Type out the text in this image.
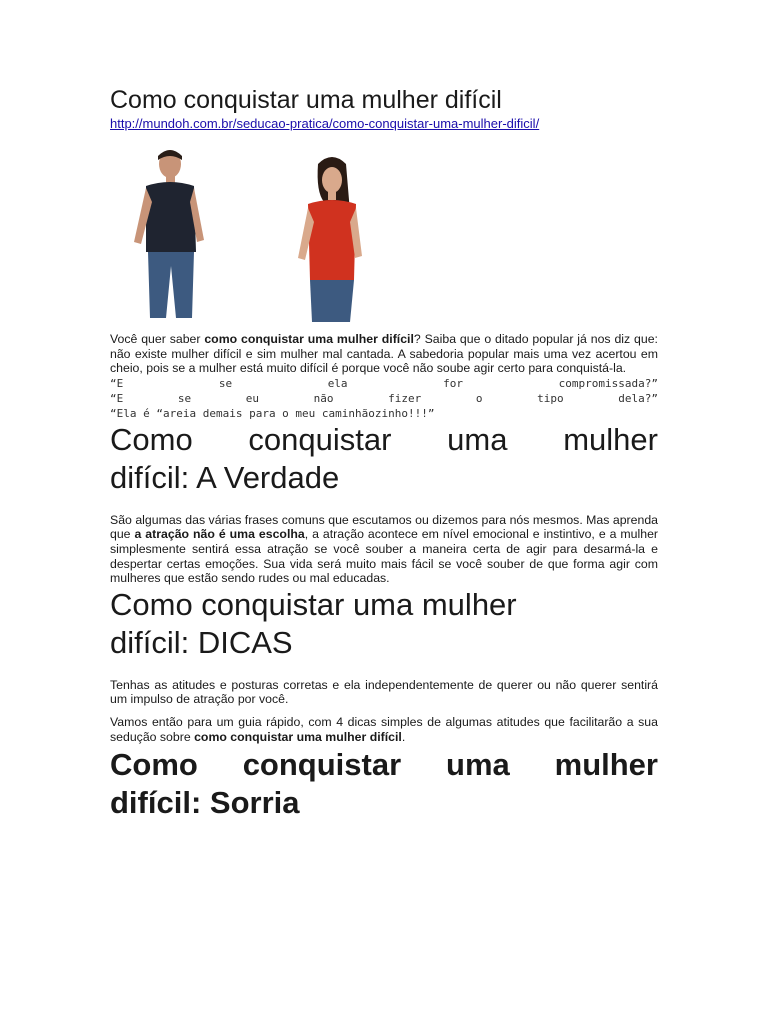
Como conquistar uma mulher difícil
http://mundoh.com.br/seducao-pratica/como-conquistar-uma-mulher-dificil/

Você quer saber como conquistar uma mulher difícil? Saiba que o ditado popular já nos diz que: não existe mulher difícil e sim mulher mal cantada. A sabedoria popular mais uma vez acertou em cheio, pois se a mulher está muito difícil é porque você não soube agir certo para conquistá-la.

“E	se	ela	for	compromissada?”
“E	se	eu	não	fizer	o	tipo	dela?”
“Ela é “areia demais para o meu caminhãozinho!!!”
Como conquistar uma mulher
difícil: A Verdade

São algumas das várias frases comuns que escutamos ou dizemos para nós mesmos. Mas aprenda que a atração não é uma escolha, a atração acontece em nível emocional e instintivo, e a mulher simplesmente sentirá essa atração se você souber a maneira certa de agir para desarmá-la e despertar certas emoções. Sua vida será muito mais fácil se você souber de que forma agir com mulheres que estão sendo rudes ou mal educadas.

Como conquistar uma mulher
difícil: DICAS

Tenhas as atitudes e posturas corretas e ela independentemente de querer ou não querer sentirá um impulso de atração por você.

Vamos então para um guia rápido, com 4 dicas simples de algumas atitudes que facilitarão a sua sedução sobre como conquistar uma mulher difícil.

Como conquistar uma mulher
difícil: Sorria
